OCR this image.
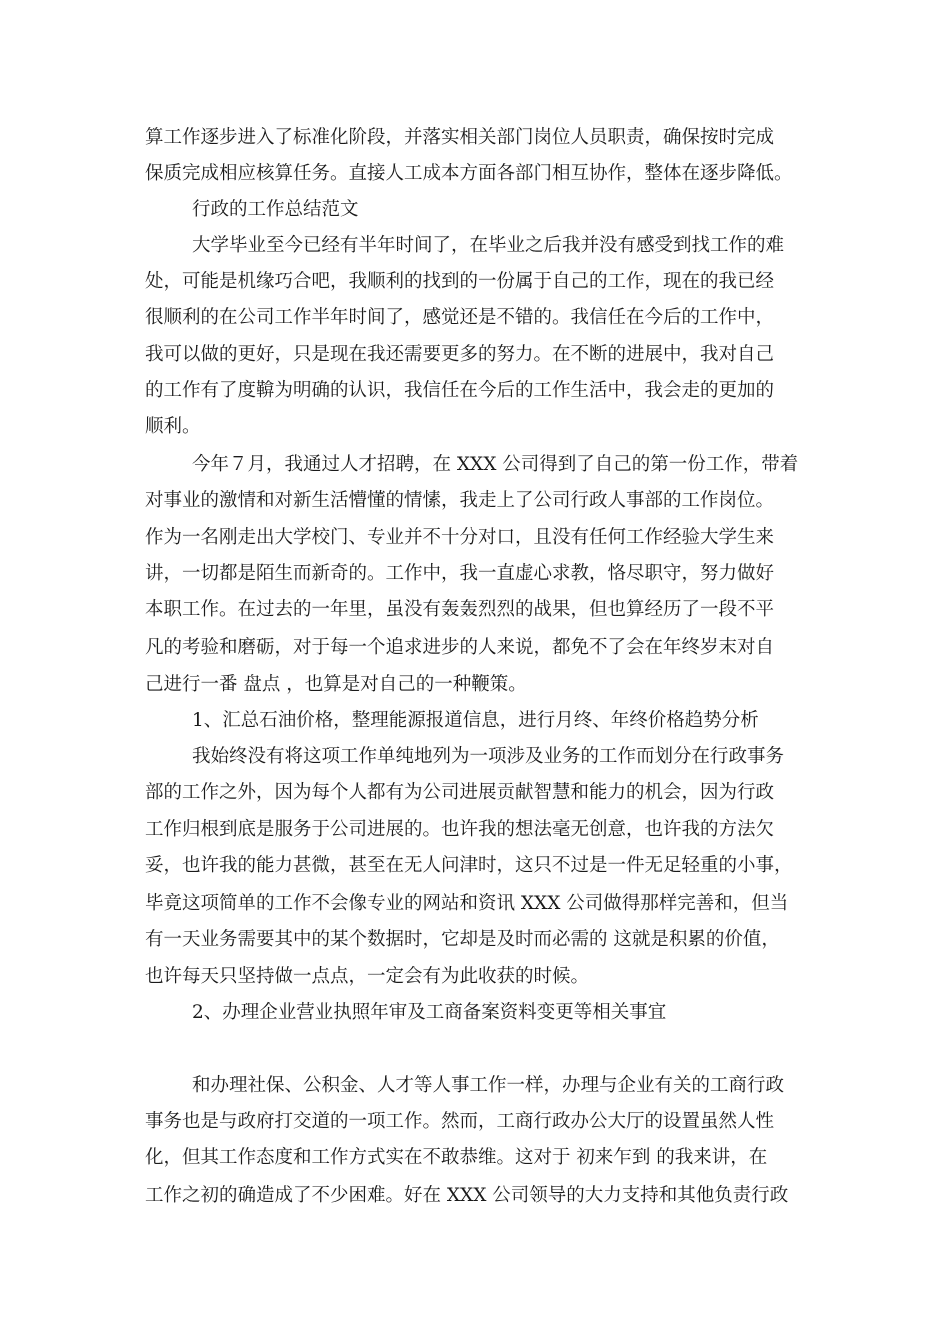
算工作逐步进入了标准化阶段，并落实相关部门岗位人员职责，确保按时完成
保质完成相应核算任务。直接人工成本方面各部门相互协作，整体在逐步降低。
行政的工作总结范文
大学毕业至今已经有半年时间了，在毕业之后我并没有感受到找工作的难
处，可能是机缘巧合吧，我顺利的找到的一份属于自己的工作，现在的我已经
很顺利的在公司工作半年时间了，感觉还是不错的。我信任在今后的工作中，
我可以做的更好，只是现在我还需要更多的努力。在不断的进展中，我对自己
的工作有了度鞥为明确的认识，我信任在今后的工作生活中，我会走的更加的
顺利。
今年７月，我通过人才招聘，在 XXX 公司得到了自己的第一份工作，带着
对事业的激情和对新生活懵懂的情愫，我走上了公司行政人事部的工作岗位。
作为一名刚走出大学校门、专业并不十分对口，且没有任何工作经验大学生来
讲，一切都是陌生而新奇的。工作中，我一直虚心求教，恪尽职守，努力做好
本职工作。在过去的一年里，虽没有轰轰烈烈的战果，但也算经历了一段不平
凡的考验和磨砺，对于每一个追求进步的人来说，都免不了会在年终岁末对自
己进行一番 盘点 ，也算是对自己的一种鞭策。
1、汇总石油价格，整理能源报道信息，进行月终、年终价格趋势分析
我始终没有将这项工作单纯地列为一项涉及业务的工作而划分在行政事务
部的工作之外，因为每个人都有为公司进展贡献智慧和能力的机会，因为行政
工作归根到底是服务于公司进展的。也许我的想法毫无创意，也许我的方法欠
妥，也许我的能力甚微，甚至在无人问津时，这只不过是一件无足轻重的小事，
毕竟这项简单的工作不会像专业的网站和资讯 XXX 公司做得那样完善和，但当
有一天业务需要其中的某个数据时，它却是及时而必需的 这就是积累的价值，
也许每天只坚持做一点点，一定会有为此收获的时候。
2、办理企业营业执照年审及工商备案资料变更等相关事宜
和办理社保、公积金、人才等人事工作一样，办理与企业有关的工商行政
事务也是与政府打交道的一项工作。然而，工商行政办公大厅的设置虽然人性
化，但其工作态度和工作方式实在不敢恭维。这对于 初来乍到 的我来讲，在
工作之初的确造成了不少困难。好在 XXX 公司领导的大力支持和其他负责行政
